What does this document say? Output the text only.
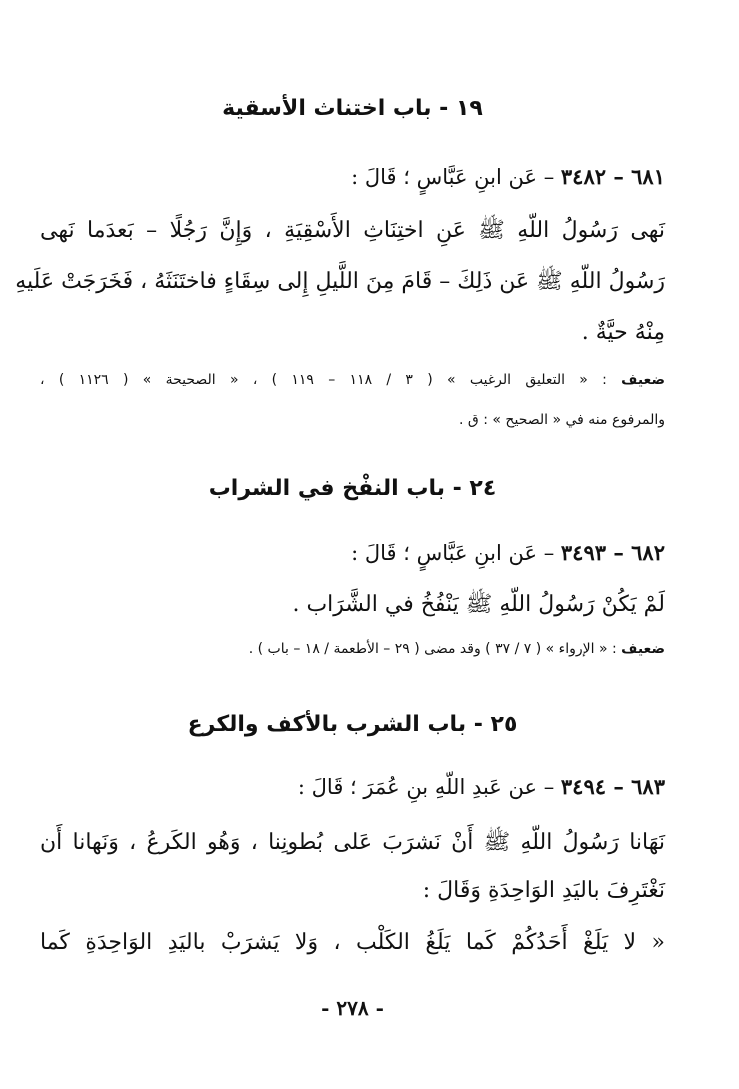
١٩ - باب اختناث الأسقية
٦٨١ – ٣٤٨٢ – عَن ابنِ عَبَّاسٍ ؛ قَالَ :
نَهى رَسُولُ اللّهِ ﷺ عَنِ اختِنَاثِ الأَسْقِيَةِ ، وَإِنَّ رَجُلًا – بَعدَما نَهى
رَسُولُ اللّهِ ﷺ عَن ذَلِكَ – قَامَ مِنَ اللَّيلِ إِلى سِقَاءٍ فاختَنَثَهُ ، فَخَرَجَتْ عَلَيهِ
مِنْهُ حيَّةٌ .
ضعيف : « التعليق الرغيب » ( ٣ / ١١٨ – ١١٩ ) ، « الصحيحة » ( ١١٢٦ ) ،
والمرفوع منه في « الصحيح » : ق .
٢٤ - باب النفْخ في الشراب
٦٨٢ – ٣٤٩٣ – عَن ابنِ عَبَّاسٍ ؛ قَالَ :
لَمْ يَكُنْ رَسُولُ اللّهِ ﷺ يَنْفُخُ في الشَّرَاب .
ضعيف : « الإرواء » ( ٧ / ٣٧ ) وقد مضى ( ٢٩ – الأطعمة / ١٨ – باب ) .
٢٥ - باب الشرب بالأكف والكرع
٦٨٣ – ٣٤٩٤ – عن عَبدِ اللّهِ بنِ عُمَرَ ؛ قَالَ :
نَهَانا رَسُولُ اللّهِ ﷺ أَنْ نَشرَبَ عَلى بُطونِنا ، وَهُو الكَرعُ ، وَنَهانا أَن
نَغْتَرِفَ باليَدِ الوَاحِدَةِ وَقَالَ :
« لا يَلَغْ أَحَدُكُمْ كَما يَلَغُ الكَلْب ، وَلا يَشرَبْ باليَدِ الوَاحِدَةِ كَما
- ٢٧٨ -
